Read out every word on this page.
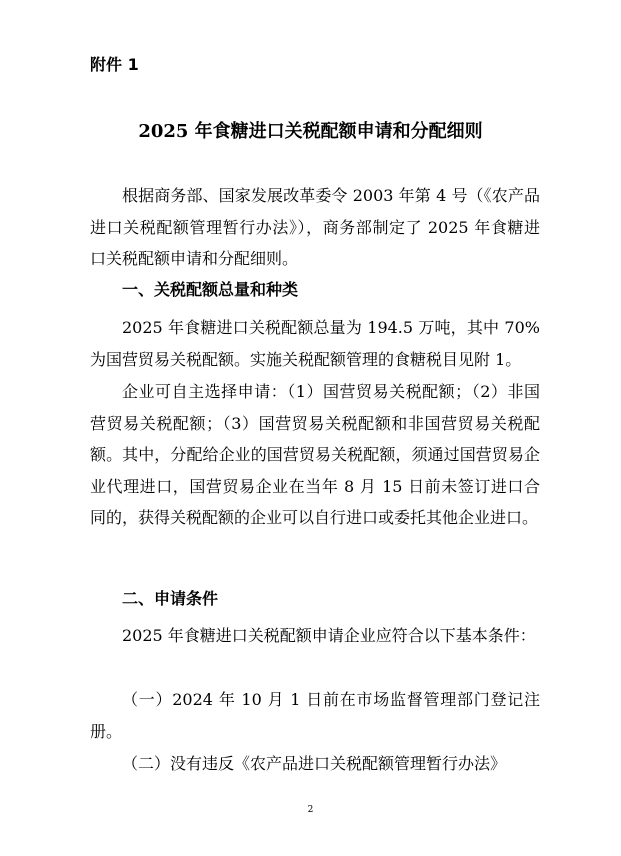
附件 1
2025 年食糖进口关税配额申请和分配细则
根据商务部、国家发展改革委令 2003 年第 4 号（《农产品进口关税配额管理暂行办法》），商务部制定了 2025 年食糖进口关税配额申请和分配细则。
一、关税配额总量和种类
2025 年食糖进口关税配额总量为 194.5 万吨，其中 70% 为国营贸易关税配额。实施关税配额管理的食糖税目见附 1。
企业可自主选择申请：（1）国营贸易关税配额；（2）非国营贸易关税配额；（3）国营贸易关税配额和非国营贸易关税配额。其中，分配给企业的国营贸易关税配额，须通过国营贸易企业代理进口，国营贸易企业在当年 8 月 15 日前未签订进口合同的，获得关税配额的企业可以自行进口或委托其他企业进口。
二、申请条件
2025 年食糖进口关税配额申请企业应符合以下基本条件：
（一）2024 年 10 月 1 日前在市场监督管理部门登记注册。
（二）没有违反《农产品进口关税配额管理暂行办法》
2
